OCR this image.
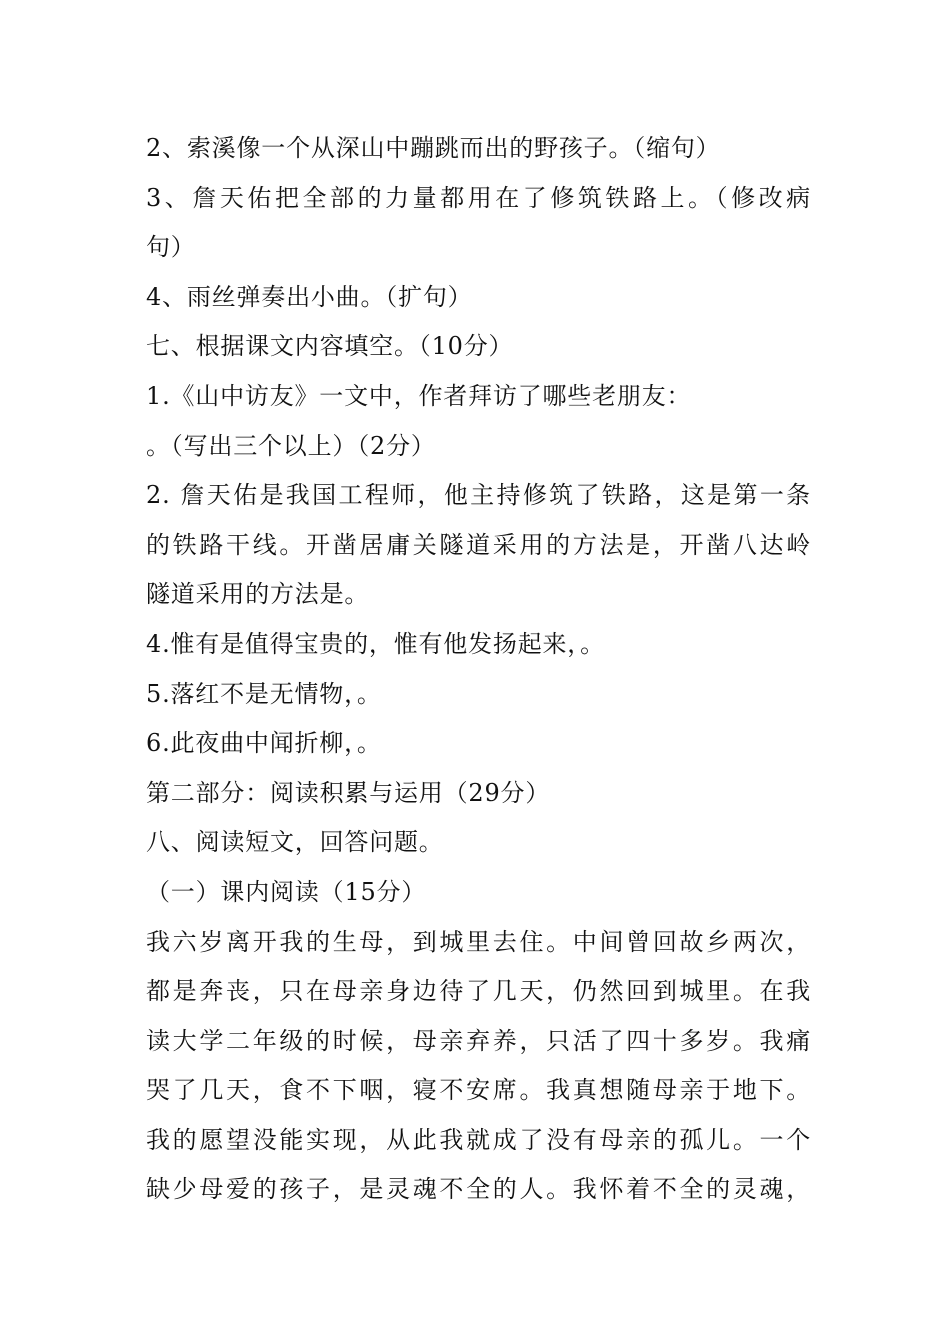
2、索溪像一个从深山中蹦跳而出的野孩子。（缩句）
3、詹天佑把全部的力量都用在了修筑铁路上。（修改病
句）
4、雨丝弹奏出小曲。（扩句）
七、根据课文内容填空。（10分）
1.《山中访友》一文中，作者拜访了哪些老朋友：
。（写出三个以上）（2分）
2. 詹天佑是我国工程师，他主持修筑了铁路，这是第一条
的铁路干线。开凿居庸关隧道采用的方法是，开凿八达岭
隧道采用的方法是。
4.惟有是值得宝贵的，惟有他发扬起来，。
5.落红不是无情物，。
6.此夜曲中闻折柳，。
第二部分：阅读积累与运用（29分）
八、阅读短文，回答问题。
（一）课内阅读（15分）
我六岁离开我的生母，到城里去住。中间曾回故乡两次，
都是奔丧，只在母亲身边待了几天，仍然回到城里。在我
读大学二年级的时候，母亲弃养，只活了四十多岁。我痛
哭了几天，食不下咽，寝不安席。我真想随母亲于地下。
我的愿望没能实现，从此我就成了没有母亲的孤儿。一个
缺少母爱的孩子，是灵魂不全的人。我怀着不全的灵魂，
